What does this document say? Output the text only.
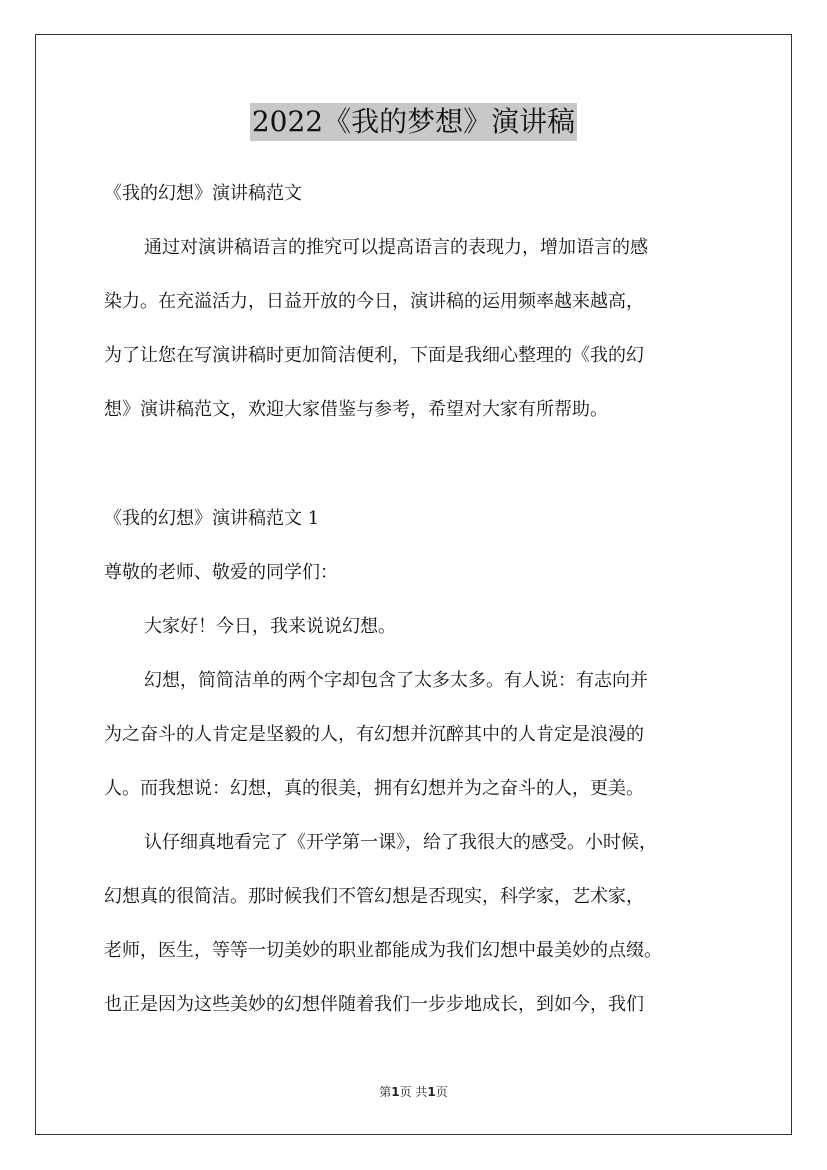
2022《我的梦想》演讲稿
《我的幻想》演讲稿范文
通过对演讲稿语言的推究可以提高语言的表现力，增加语言的感
染力。在充溢活力，日益开放的今日，演讲稿的运用频率越来越高，
为了让您在写演讲稿时更加简洁便利，下面是我细心整理的《我的幻
想》演讲稿范文，欢迎大家借鉴与参考，希望对大家有所帮助。
《我的幻想》演讲稿范文 1
尊敬的老师、敬爱的同学们：
大家好！今日，我来说说幻想。
幻想，简简洁单的两个字却包含了太多太多。有人说：有志向并
为之奋斗的人肯定是坚毅的人，有幻想并沉醉其中的人肯定是浪漫的
人。而我想说：幻想，真的很美，拥有幻想并为之奋斗的人，更美。
认仔细真地看完了《开学第一课》，给了我很大的感受。小时候，
幻想真的很简洁。那时候我们不管幻想是否现实，科学家，艺术家，
老师，医生，等等一切美妙的职业都能成为我们幻想中最美妙的点缀。
也正是因为这些美妙的幻想伴随着我们一步步地成长，到如今，我们
第1页 共1页
